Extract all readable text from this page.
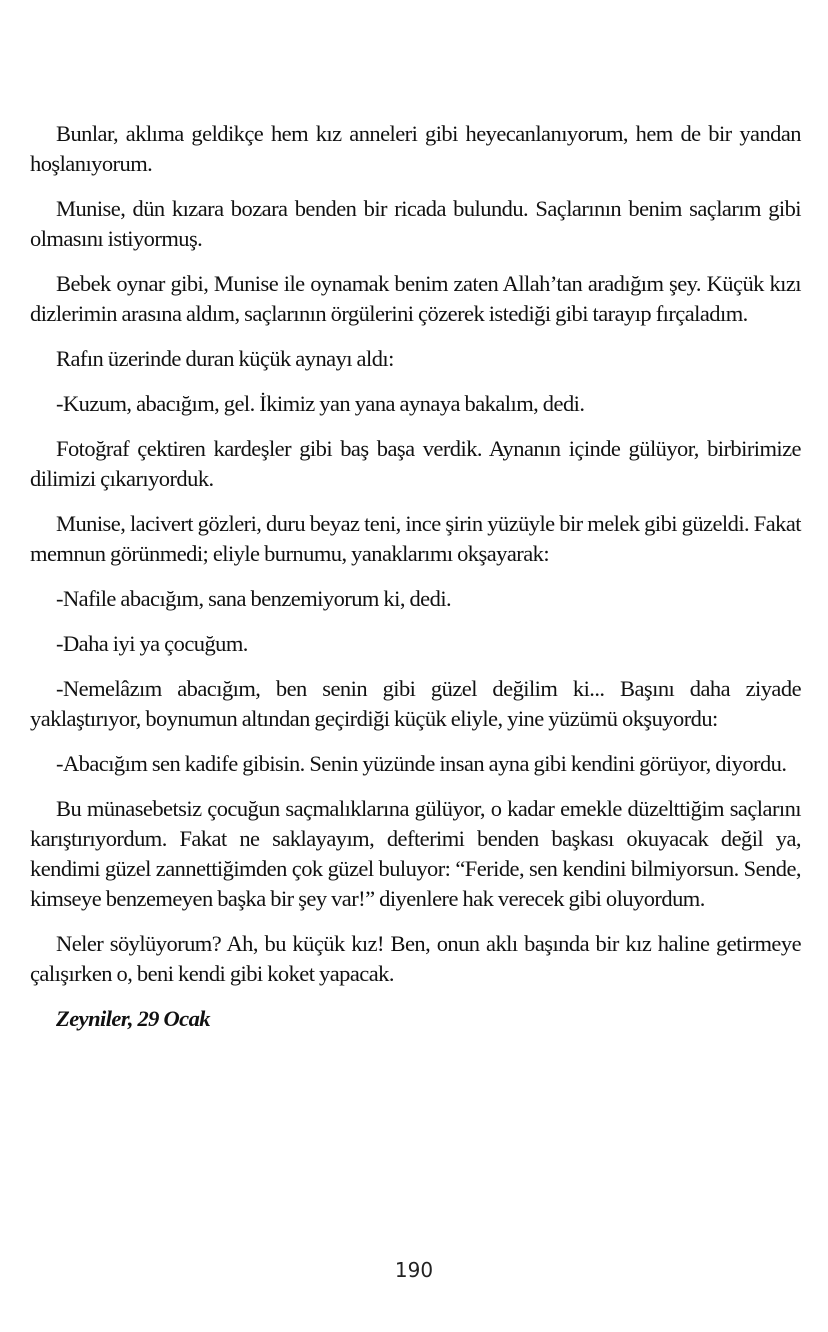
Bunlar, aklıma geldikçe hem kız anneleri gibi heyecanlanıyorum, hem de bir yandan hoşlanıyorum.

Munise, dün kızara bozara benden bir ricada bulundu. Saçlarının benim saçlarım gibi olmasını istiyormuş.

Bebek oynar gibi, Munise ile oynamak benim zaten Allah’tan aradığım şey. Küçük kızı dizlerimin arasına aldım, saçlarının örgülerini çözerek istediği gibi tarayıp fırçaladım.

Rafın üzerinde duran küçük aynayı aldı:

-Kuzum, abacığım, gel. İkimiz yan yana aynaya bakalım, dedi.

Fotoğraf çektiren kardeşler gibi baş başa verdik. Aynanın içinde gülüyor, birbirimize dilimizi çıkarıyorduk.

Munise, lacivert gözleri, duru beyaz teni, ince şirin yüzüyle bir melek gibi güzeldi. Fakat memnun görünmedi; eliyle burnumu, yanaklarımı okşayarak:

-Nafile abacığım, sana benzemiyorum ki, dedi.

-Daha iyi ya çocuğum.

-Nemelâzım abacığım, ben senin gibi güzel değilim ki... Başını daha ziyade yaklaştırıyor, boynumun altından geçirdiği küçük eliyle, yine yüzümü okşuyordu:

-Abacığım sen kadife gibisin. Senin yüzünde insan ayna gibi kendini görüyor, diyordu.

Bu münasebetsiz çocuğun saçmalıklarına gülüyor, o kadar emekle düzelttiğim saçlarını karıştırıyordum. Fakat ne saklayayım, defterimi benden başkası okuyacak değil ya, kendimi güzel zannettiğimden çok güzel buluyor: “Feride, sen kendini bilmiyorsun. Sende, kimseye benzemeyen başka bir şey var!” diyenlere hak verecek gibi oluyordum.

Neler söylüyorum? Ah, bu küçük kız! Ben, onun aklı başında bir kız haline getirmeye çalışırken o, beni kendi gibi koket yapacak.

Zeyniler, 29 Ocak

190
